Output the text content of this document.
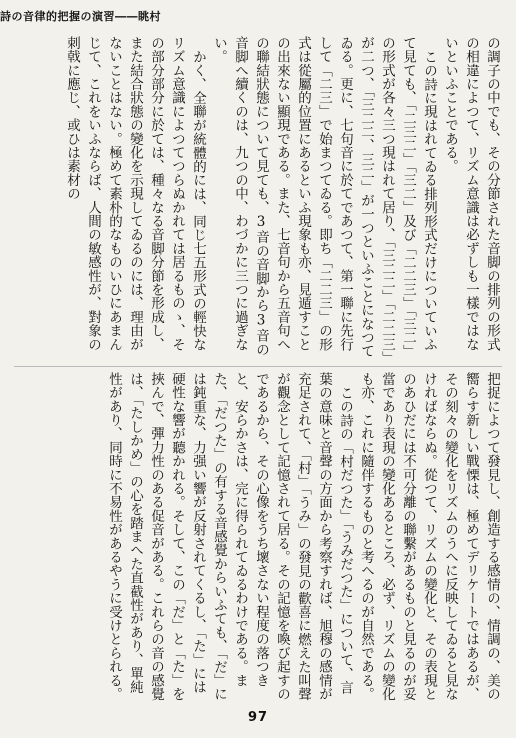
詩の音律的把握の演習――眺村

の調子の中でも、その分節された音脚の排列の形式の相違によつて、リズム意識は必ずしも一樣ではないといふことである。

この詩に現はれてゐる排列形式だけについていふて見ても、「二三二」「三二」及び「二二三」「三二」の形式が各々三つ現はれて居り、「三二二」「二二三」が二つ、「三二二、三二」が一つといふことになつてゐる。更に、七句音に於てであつて、第一聯に先行して「二三」で始まつてゐる。即ち「二二三」の形式は從屬的位置にあるといふ現象も亦、見遁すことの出來ない顯現である。また、七音句から五音句への聯結狀態について見ても、3音の音脚から3音の音脚へ續くのは、九つの中、わづかに三つに過ぎない。

かく、全聯が統體的には、同じ七五形式の輕快なリズム意識によつてつらぬかれては居るものゝ、その部分部分に於ては、種々なる音脚分節を形成し、また結合狀態の變化を示現してゐるのには、理由がないことはない。極めて素朴的なものいひにあまんじて、これをいふならば、人間の敏感性が、對象の刺戟に應じ、或ひは素材の

把捉によつて發見し、創造する感情の、情調の、美の嚮らす新しい戰慄は、極めてデリケートではあるが、その刻々の變化をリズムのうへに反映してゐると見なければならぬ。從つて、リズムの變化と、その表現とのあひだには不可分離の聯繫があるものと見るのが妥當であり表現の變化あるところ、必ず、リズムの變化も亦、これに隨伴するものと考へるのが自然である。

この詩の「村だつた」「うみだつた」について、言葉の意味と音聲の方面から考察すれば、旭穆の感情が充足されて、「村」「うみ」の發見の歡喜に燃えた叫聲が觀念として記憶されて居る。その記憶を喚び起すのであるから、その心像をうち壞さない程度の落つきと、安らかさは、完に得られてゐるわけである。また、「だつた」の有する音感覺からいふても、「だ」には鈍重な、力强い響が反射されてくるし、「た」には硬性な響が聽かれる。そして、この「だ」と「た」を挾んで、彈力性のある促音がある。これらの音の感覺は、「たしかめ」の心を踏まへた直截性があり、單純性があり、同時に不易性があるやうに受けとられる。

97
